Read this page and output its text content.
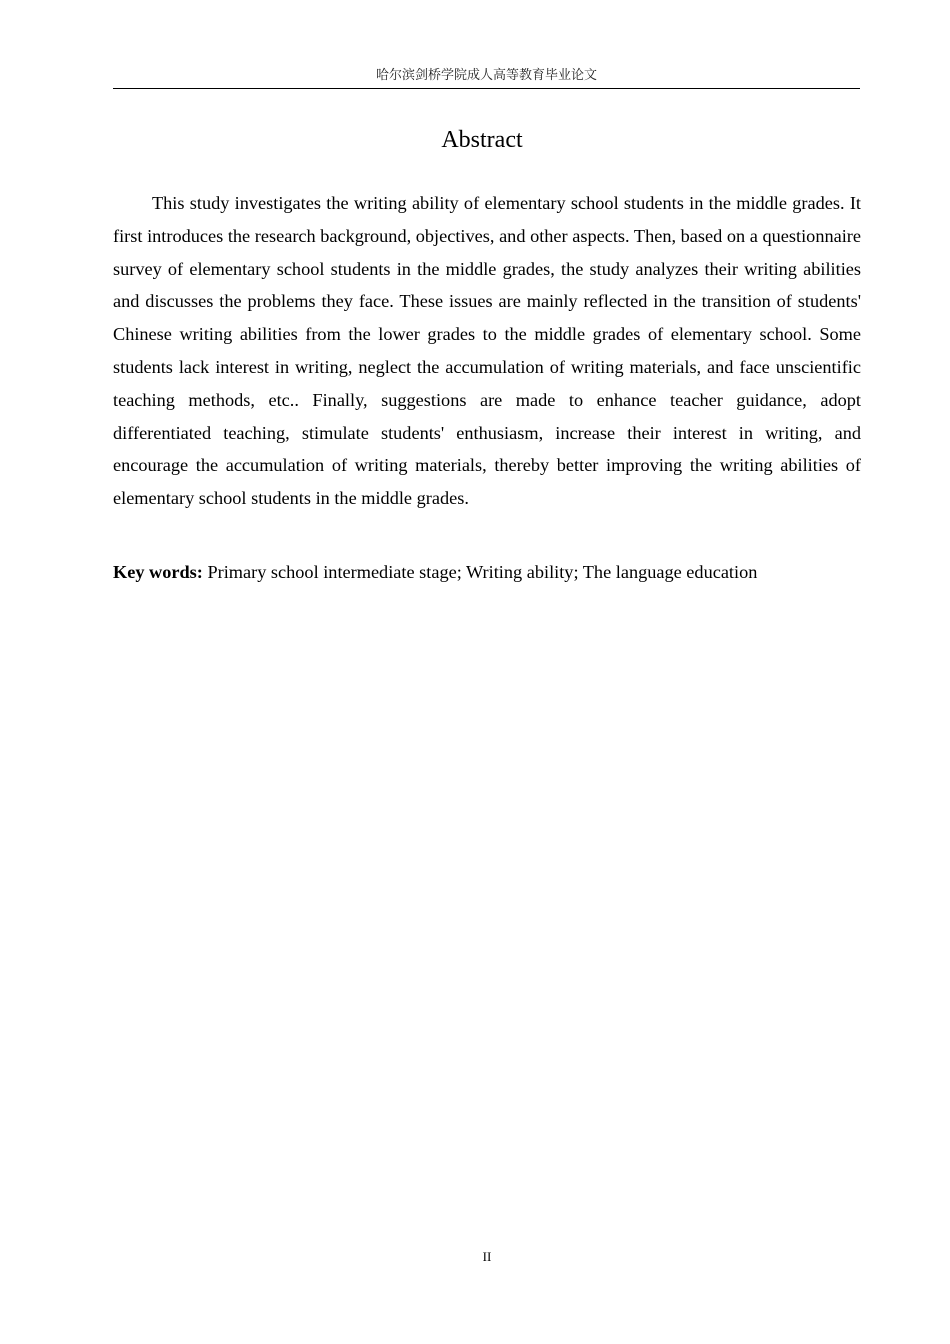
哈尔滨剑桥学院成人高等教育毕业论文
Abstract

This study investigates the writing ability of elementary school students in the middle grades. It first introduces the research background, objectives, and other aspects. Then, based on a questionnaire survey of elementary school students in the middle grades, the study analyzes their writing abilities and discusses the problems they face. These issues are mainly reflected in the transition of students' Chinese writing abilities from the lower grades to the middle grades of elementary school. Some students lack interest in writing, neglect the accumulation of writing materials, and face unscientific teaching methods, etc.. Finally, suggestions are made to enhance teacher guidance, adopt differentiated teaching, stimulate students' enthusiasm, increase their interest in writing, and encourage the accumulation of writing materials, thereby better improving the writing abilities of elementary school students in the middle grades.

Key words: Primary school intermediate stage; Writing ability; The language education

II
